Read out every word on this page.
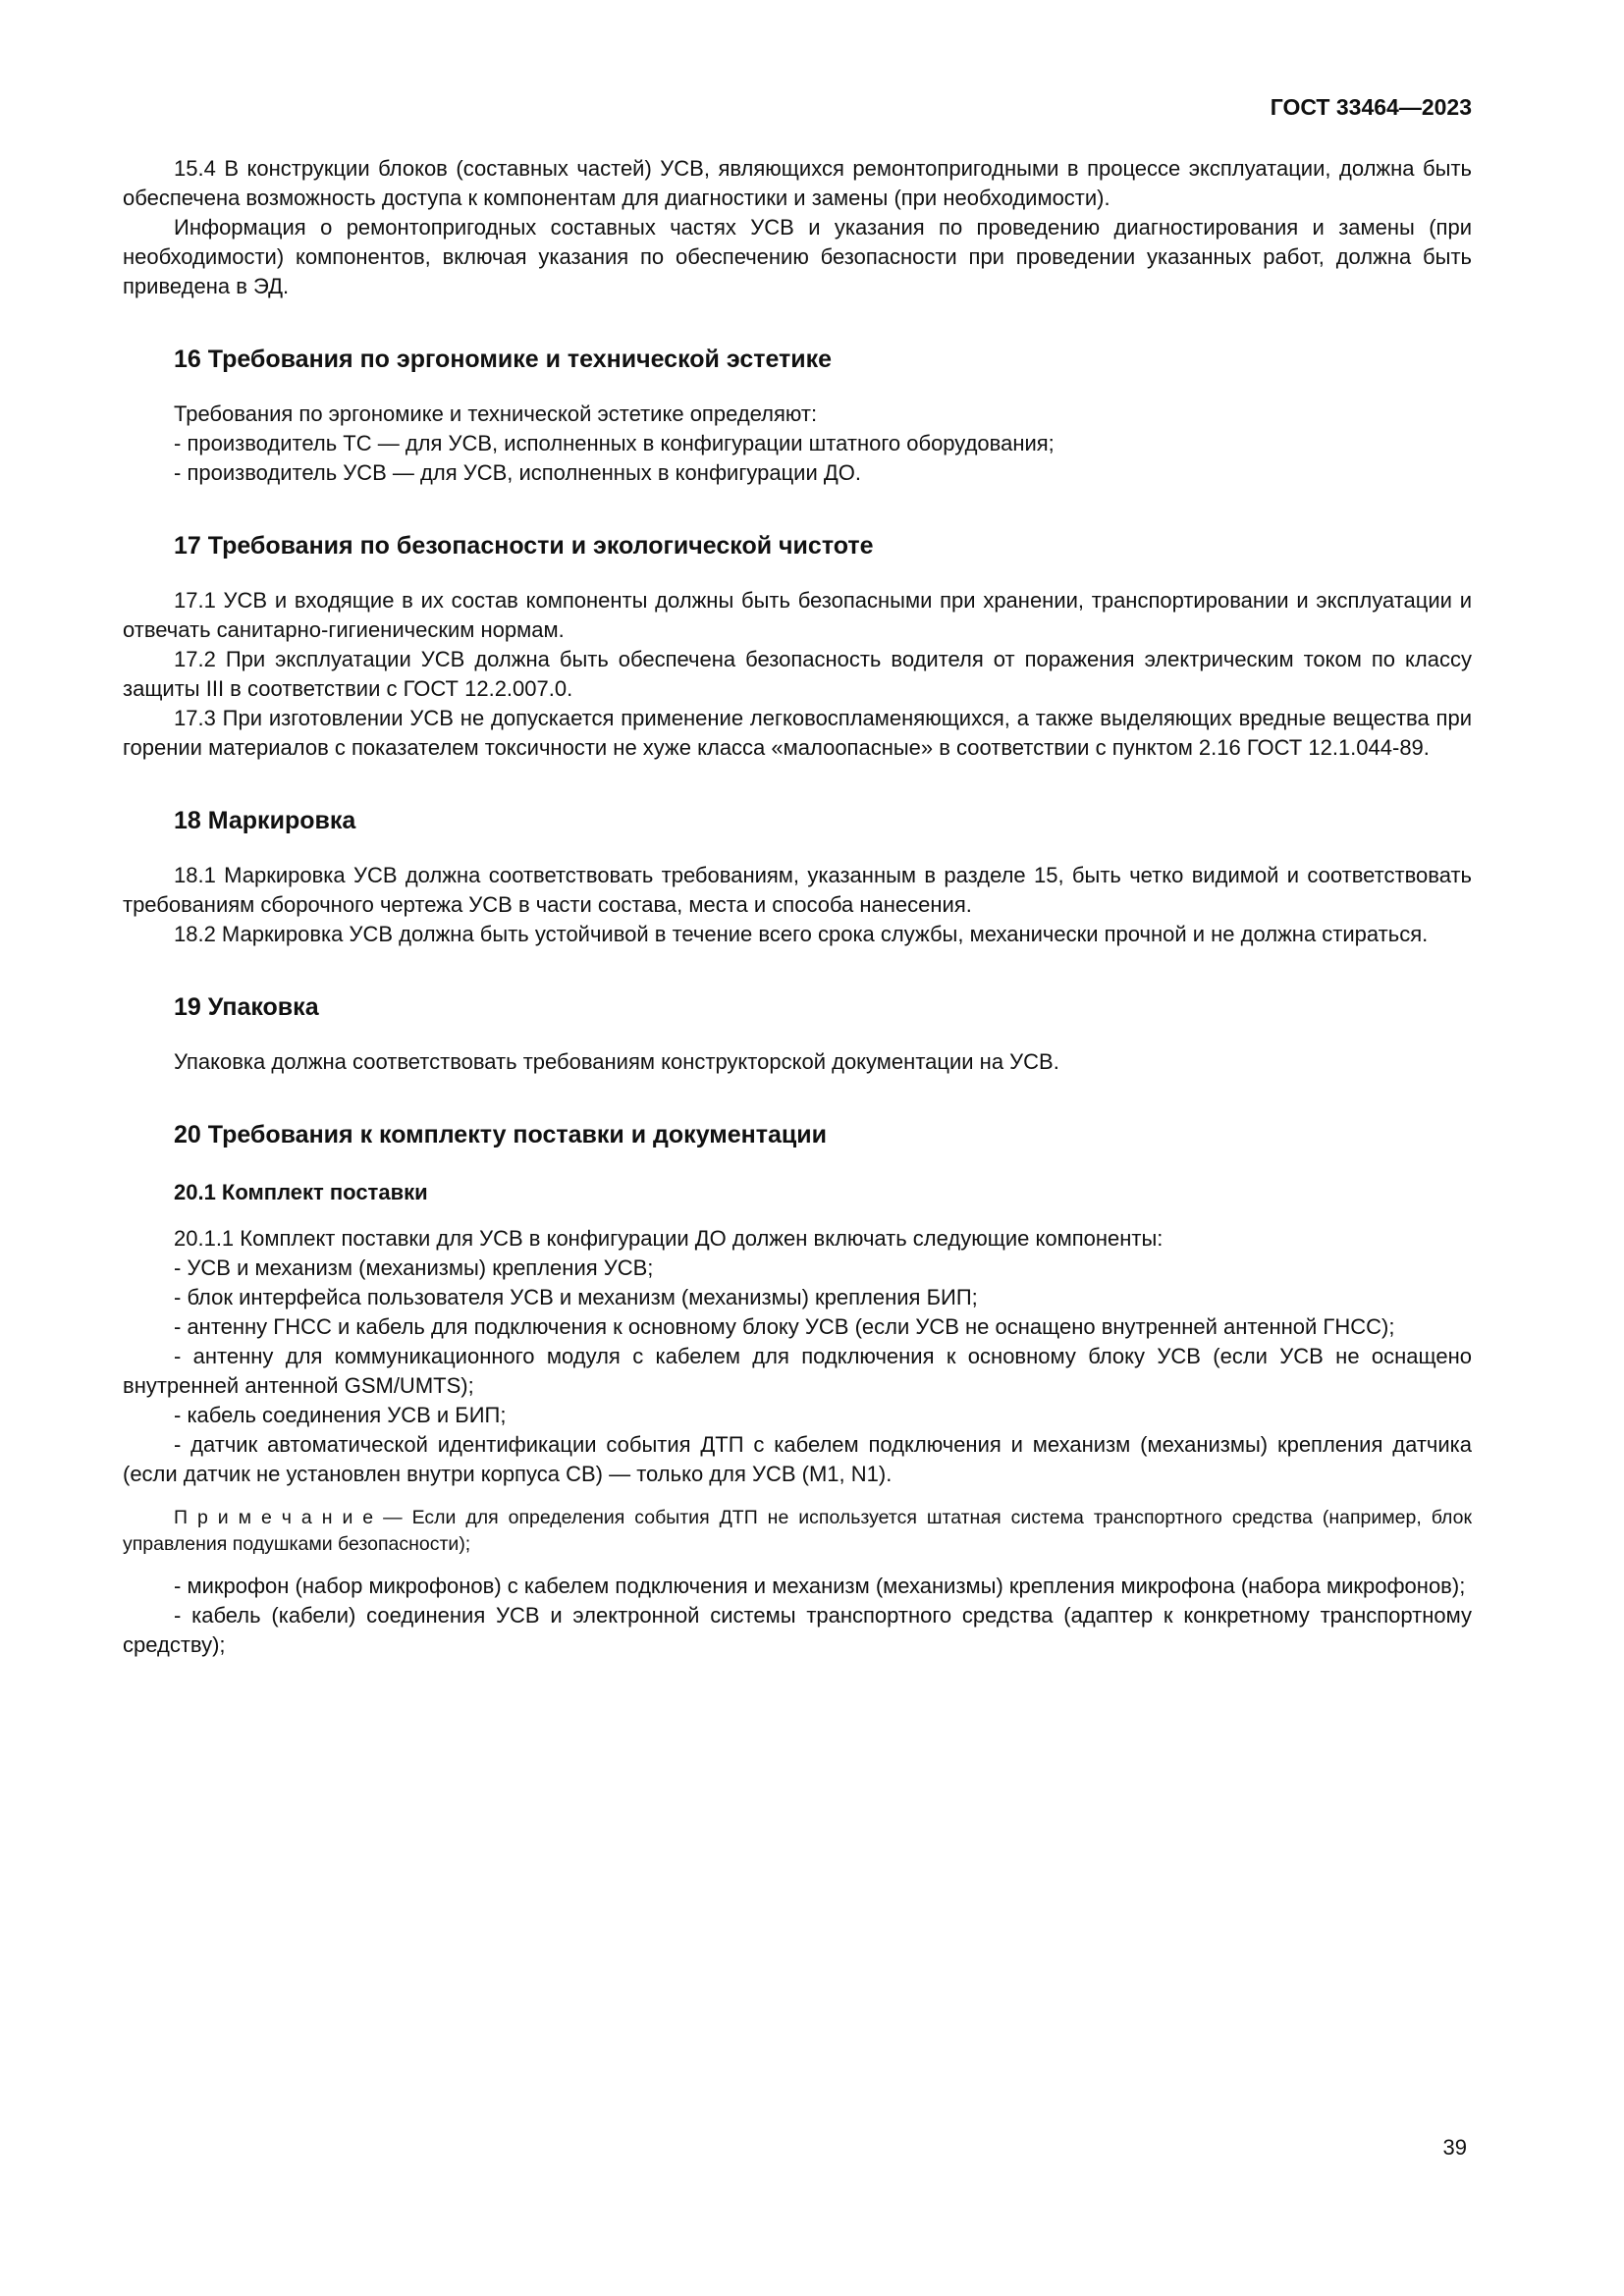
ГОСТ 33464—2023

15.4 В конструкции блоков (составных частей) УСВ, являющихся ремонтопригодными в процессе эксплуатации, должна быть обеспечена возможность доступа к компонентам для диагностики и замены (при необходимости).

Информация о ремонтопригодных составных частях УСВ и указания по проведению диагностирования и замены (при необходимости) компонентов, включая указания по обеспечению безопасности при проведении указанных работ, должна быть приведена в ЭД.

16 Требования по эргономике и технической эстетике

Требования по эргономике и технической эстетике определяют:

- производитель ТС — для УСВ, исполненных в конфигурации штатного оборудования;

- производитель УСВ — для УСВ, исполненных в конфигурации ДО.

17 Требования по безопасности и экологической чистоте

17.1 УСВ и входящие в их состав компоненты должны быть безопасными при хранении, транспортировании и эксплуатации и отвечать санитарно-гигиеническим нормам.

17.2 При эксплуатации УСВ должна быть обеспечена безопасность водителя от поражения электрическим током по классу защиты III в соответствии с ГОСТ 12.2.007.0.

17.3 При изготовлении УСВ не допускается применение легковоспламеняющихся, а также выделяющих вредные вещества при горении материалов с показателем токсичности не хуже класса «малоопасные» в соответствии с пунктом 2.16 ГОСТ 12.1.044-89.

18 Маркировка

18.1 Маркировка УСВ должна соответствовать требованиям, указанным в разделе 15, быть четко видимой и соответствовать требованиям сборочного чертежа УСВ в части состава, места и способа нанесения.

18.2 Маркировка УСВ должна быть устойчивой в течение всего срока службы, механически прочной и не должна стираться.

19 Упаковка

Упаковка должна соответствовать требованиям конструкторской документации на УСВ.

20 Требования к комплекту поставки и документации
20.1 Комплект поставки

20.1.1 Комплект поставки для УСВ в конфигурации ДО должен включать следующие компоненты:

- УСВ и механизм (механизмы) крепления УСВ;

- блок интерфейса пользователя УСВ и механизм (механизмы) крепления БИП;

- антенну ГНСС и кабель для подключения к основному блоку УСВ (если УСВ не оснащено внутренней антенной ГНСС);

- антенну для коммуникационного модуля с кабелем для подключения к основному блоку УСВ (если УСВ не оснащено внутренней антенной GSM/UMTS);

- кабель соединения УСВ и БИП;

- датчик автоматической идентификации события ДТП с кабелем подключения и механизм (механизмы) крепления датчика (если датчик не установлен внутри корпуса СВ) — только для УСВ (M1, N1).

П р и м е ч а н и е — Если для определения события ДТП не используется штатная система транспортного средства (например, блок управления подушками безопасности);

- микрофон (набор микрофонов) с кабелем подключения и механизм (механизмы) крепления микрофона (набора микрофонов);

- кабель (кабели) соединения УСВ и электронной системы транспортного средства (адаптер к конкретному транспортному средству);

39
